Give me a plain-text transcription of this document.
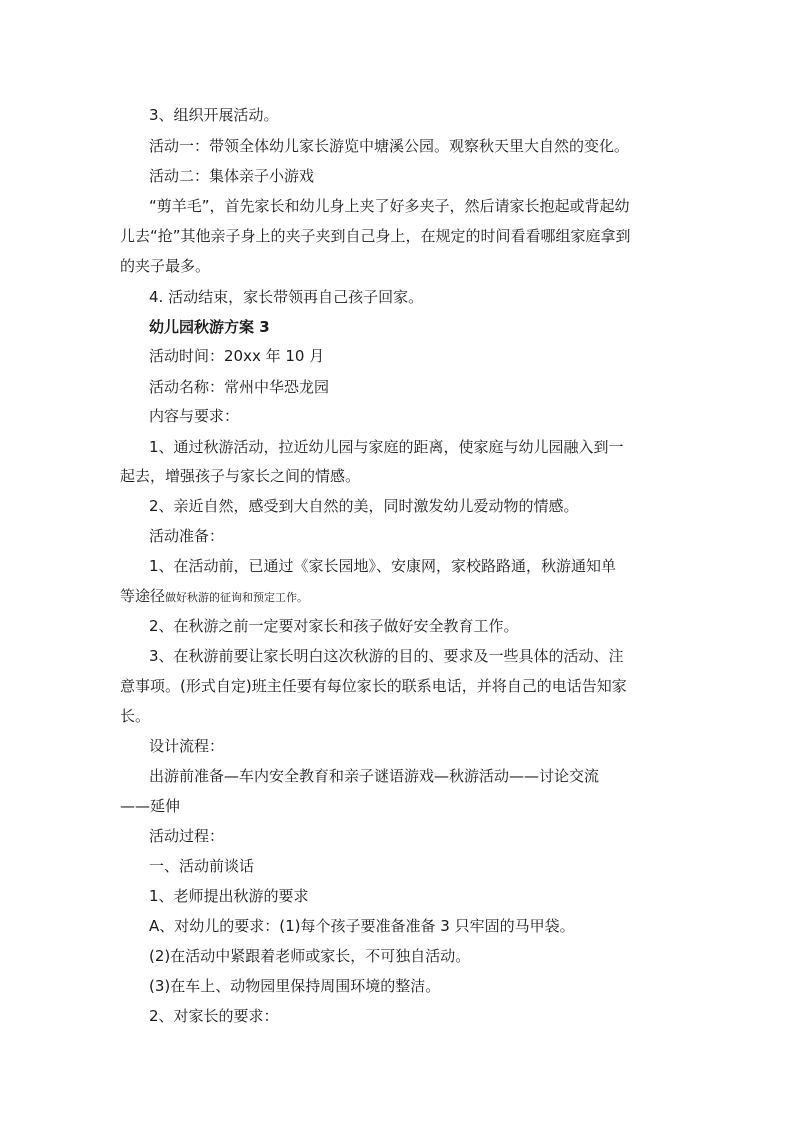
3、组织开展活动。
活动一：带领全体幼儿家长游览中塘溪公园。观察秋天里大自然的变化。
活动二：集体亲子小游戏
“剪羊毛”，首先家长和幼儿身上夹了好多夹子，然后请家长抱起或背起幼
儿去“抢”其他亲子身上的夹子夹到自己身上，在规定的时间看看哪组家庭拿到
的夹子最多。
4. 活动结束，家长带领再自己孩子回家。
幼儿园秋游方案 3
活动时间：20xx 年 10 月
活动名称：常州中华恐龙园
内容与要求：
1、通过秋游活动，拉近幼儿园与家庭的距离，使家庭与幼儿园融入到一
起去，增强孩子与家长之间的情感。
2、亲近自然，感受到大自然的美，同时激发幼儿爱动物的情感。
活动准备：
1、在活动前，已通过《家长园地》、安康网，家校路路通，秋游通知单
等途径做好秋游的征询和预定工作。
2、在秋游之前一定要对家长和孩子做好安全教育工作。
3、在秋游前要让家长明白这次秋游的目的、要求及一些具体的活动、注
意事项。(形式自定)班主任要有每位家长的联系电话，并将自己的电话告知家
长。
设计流程：
出游前准备—车内安全教育和亲子谜语游戏—秋游活动——讨论交流
——延伸
活动过程：
一、活动前谈话
1、老师提出秋游的要求
A、对幼儿的要求：(1)每个孩子要准备准备 3 只牢固的马甲袋。
(2)在活动中紧跟着老师或家长，不可独自活动。
(3)在车上、动物园里保持周围环境的整洁。
2、对家长的要求：
